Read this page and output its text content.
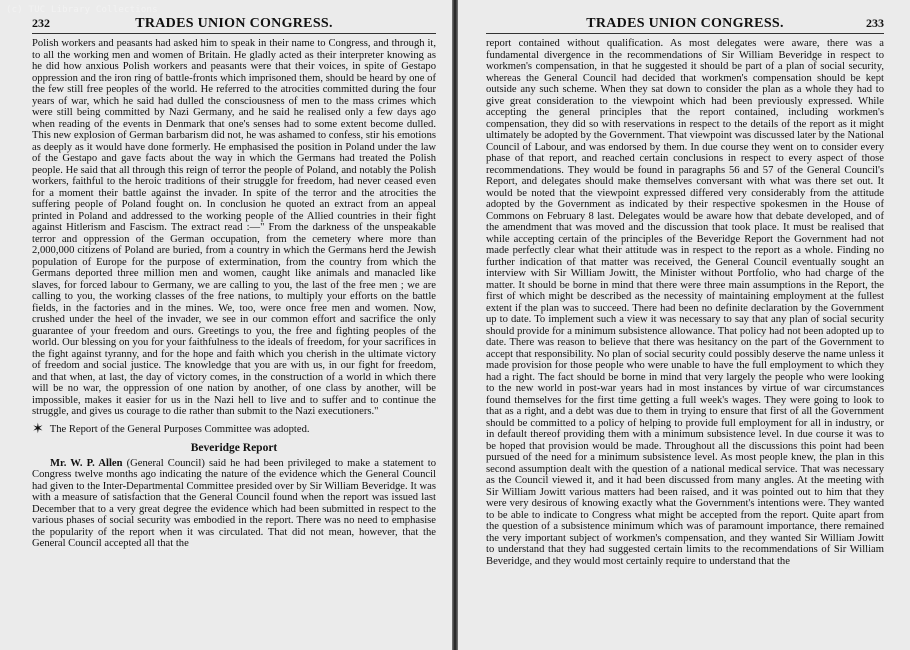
(c) TUC Library Collections
232	TRADES UNION CONGRESS.

Polish workers and peasants had asked him to speak in their name to Congress, and through it, to all the working men and women of Britain. He gladly acted as their interpreter knowing as he did how anxious Polish workers and peasants were that their voices, in spite of Gestapo oppression and the iron ring of battle-fronts which imprisoned them, should be heard by one of the few still free peoples of the world. He referred to the atrocities committed during the four years of war, which he said had dulled the consciousness of men to the mass crimes which were still being committed by Nazi Germany, and he said he realised only a few days ago when reading of the events in Denmark that one's senses had to some extent become dulled. This new explosion of German barbarism did not, he was ashamed to confess, stir his emotions as deeply as it would have done formerly. He emphasised the position in Poland under the law of the Gestapo and gave facts about the way in which the Germans had treated the Polish people. He said that all through this reign of terror the people of Poland, and notably the Polish workers, faithful to the heroic traditions of their struggle for freedom, had never ceased even for a moment their battle against the invader. In spite of the terror and the atrocities the suffering people of Poland fought on. In conclusion he quoted an extract from an appeal printed in Poland and addressed to the working people of the Allied countries in their fight against Hitlerism and Fascism. The extract read :—" From the darkness of the unspeakable terror and oppression of the German occupation, from the cemetery where more than 2,000,000 citizens of Poland are buried, from a country in which the Germans herd the Jewish population of Europe for the purpose of extermination, from the country from which the Germans deported three million men and women, caught like animals and manacled like slaves, for forced labour to Germany, we are calling to you, the last of the free men ; we are calling to you, the working classes of the free nations, to multiply your efforts on the battle fields, in the factories and in the mines. We, too, were once free men and women. Now, crushed under the heel of the invader, we see in our common effort and sacrifice the only guarantee of your freedom and ours. Greetings to you, the free and fighting peoples of the world. Our blessing on you for your faithfulness to the ideals of freedom, for your sacrifices in the fight against tyranny, and for the hope and faith which you cherish in the ultimate victory of freedom and social justice. The knowledge that you are with us, in our fight for freedom, and that when, at last, the day of victory comes, in the construction of a world in which there will be no war, the oppression of one nation by another, of one class by another, will be impossible, makes it easier for us in the Nazi hell to live and to suffer and to continue the struggle, and gives us courage to die rather than submit to the Nazi executioners."

✶ The Report of the General Purposes Committee was adopted.
Beveridge Report

Mr. W. P. Allen (General Council) said he had been privileged to make a statement to Congress twelve months ago indicating the nature of the evidence which the General Council had given to the Inter-Departmental Committee presided over by Sir William Beveridge. It was with a measure of satisfaction that the General Council found when the report was issued last December that to a very great degree the evidence which had been submitted in respect to the various phases of social security was embodied in the report. There was no need to emphasise the popularity of the report when it was circulated. That did not mean, however, that the General Council accepted all that the

TRADES UNION CONGRESS.	233

report contained without qualification. As most delegates were aware, there was a fundamental divergence in the recommendations of Sir William Beveridge in respect to workmen's compensation, in that he suggested it should be part of a plan of social security, whereas the General Council had decided that workmen's compensation should be kept outside any such scheme. When they sat down to consider the plan as a whole they had to give great consideration to the viewpoint which had been previously expressed. While accepting the general principles that the report contained, including workmen's compensation, they did so with reservations in respect to the details of the report as it might ultimately be adopted by the Government. That viewpoint was discussed later by the National Council of Labour, and was endorsed by them. In due course they went on to consider every phase of that report, and reached certain conclusions in respect to every aspect of those recommendations. They would be found in paragraphs 56 and 57 of the General Council's Report, and delegates should make themselves conversant with what was there set out. It would be noted that the viewpoint expressed differed very considerably from the attitude adopted by the Government as indicated by their respective spokesmen in the House of Commons on February 8 last. Delegates would be aware how that debate developed, and of the amendment that was moved and the discussion that took place. It must be realised that while accepting certain of the principles of the Beveridge Report the Government had not made perfectly clear what their attitude was in respect to the report as a whole. Finding no further indication of that matter was received, the General Council eventually sought an interview with Sir William Jowitt, the Minister without Portfolio, who had charge of the matter. It should be borne in mind that there were three main assumptions in the Report, the first of which might be described as the necessity of maintaining employment at the fullest extent if the plan was to succeed. There had been no definite declaration by the Government up to date. To implement such a view it was necessary to say that any plan of social security should provide for a minimum subsistence allowance. That policy had not been adopted up to date. There was reason to believe that there was hesitancy on the part of the Government to accept that responsibility. No plan of social security could possibly deserve the name unless it made provision for those people who were unable to have the full employment to which they had a right. The fact should be borne in mind that very largely the people who were looking to the new world in post-war years had in most instances by virtue of war circumstances found themselves for the first time getting a full week's wages. They were going to look to that as a right, and a debt was due to them in trying to ensure that first of all the Government should be committed to a policy of helping to provide full employment for all in industry, or in default thereof providing them with a minimum subsistence level. In due course it was to be hoped that provision would be made. Throughout all the discussions this point had been pursued of the need for a minimum subsistence level. As most people knew, the plan in this second assumption dealt with the question of a national medical service. That was necessary as the Council viewed it, and it had been discussed from many angles. At the meeting with Sir William Jowitt various matters had been raised, and it was pointed out to him that they were very desirous of knowing exactly what the Government's intentions were. They wanted to be able to indicate to Congress what might be accepted from the report. Quite apart from the question of a subsistence minimum which was of paramount importance, there remained the very important subject of workmen's compensation, and they wanted Sir William Jowitt to understand that they had suggested certain limits to the recommendations of Sir William Beveridge, and they would most certainly require to understand that the
